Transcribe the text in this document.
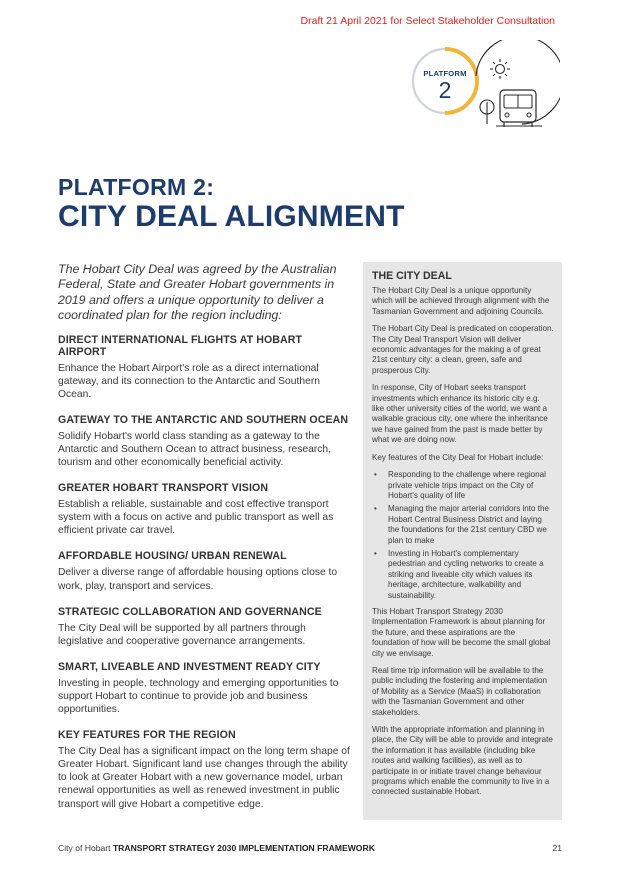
Draft 21 April 2021 for Select Stakeholder Consultation
PLATFORM
2
PLATFORM 2:
CITY DEAL ALIGNMENT

The Hobart City Deal was agreed by the Australian Federal, State and Greater Hobart governments in 2019 and offers a unique opportunity to deliver a coordinated plan for the region including:

DIRECT INTERNATIONAL FLIGHTS AT HOBART AIRPORT

Enhance the Hobart Airport's role as a direct international gateway, and its connection to the Antarctic and Southern Ocean.

GATEWAY TO THE ANTARCTIC AND SOUTHERN OCEAN

Solidify Hobart's world class standing as a gateway to the Antarctic and Southern Ocean to attract business, research, tourism and other economically beneficial activity.

GREATER HOBART TRANSPORT VISION

Establish a reliable, sustainable and cost effective transport system with a focus on active and public transport as well as efficient private car travel.

AFFORDABLE HOUSING/ URBAN RENEWAL

Deliver a diverse range of affordable housing options close to work, play, transport and services.

STRATEGIC COLLABORATION AND GOVERNANCE

The City Deal will be supported by all partners through legislative and cooperative governance arrangements.

SMART, LIVEABLE AND INVESTMENT READY CITY

Investing in people, technology and emerging opportunities to support Hobart to continue to provide job and business opportunities.

KEY FEATURES FOR THE REGION

The City Deal has a significant impact on the long term shape of Greater Hobart. Significant land use changes through the ability to look at Greater Hobart with a new governance model, urban renewal opportunities as well as renewed investment in public transport will give Hobart a competitive edge.

THE CITY DEAL

The Hobart City Deal is a unique opportunity which will be achieved through alignment with the Tasmanian Government and adjoining Councils.

The Hobart City Deal is predicated on cooperation. The City Deal Transport Vision will deliver economic advantages for the making a of great 21st century city: a clean, green, safe and prosperous City.

In response, City of Hobart seeks transport investments which enhance its historic city e.g. like other university cities of the world, we want a walkable gracious city, one where the inheritance we have gained from the past is made better by what we are doing now.

Key features of the City Deal for Hobart include:

• Responding to the challenge where regional private vehicle trips impact on the City of Hobart's quality of life
• Managing the major arterial corridors into the Hobart Central Business District and laying the foundations for the 21st century CBD we plan to make
• Investing in Hobart's complementary pedestrian and cycling networks to create a striking and liveable city which values its heritage, architecture, walkability and sustainability.

This Hobart Transport Strategy 2030 Implementation Framework is about planning for the future, and these aspirations are the foundation of how will be become the small global city we envisage.

Real time trip information will be available to the public including the fostering and implementation of Mobility as a Service (MaaS) in collaboration with the Tasmanian Government and other stakeholders.

With the appropriate information and planning in place, the City will be able to provide and integrate the information it has available (including bike routes and walking facilities), as well as to participate in or initiate travel change behaviour programs which enable the community to live in a connected sustainable Hobart.

City of Hobart TRANSPORT STRATEGY 2030 IMPLEMENTATION FRAMEWORK	21
